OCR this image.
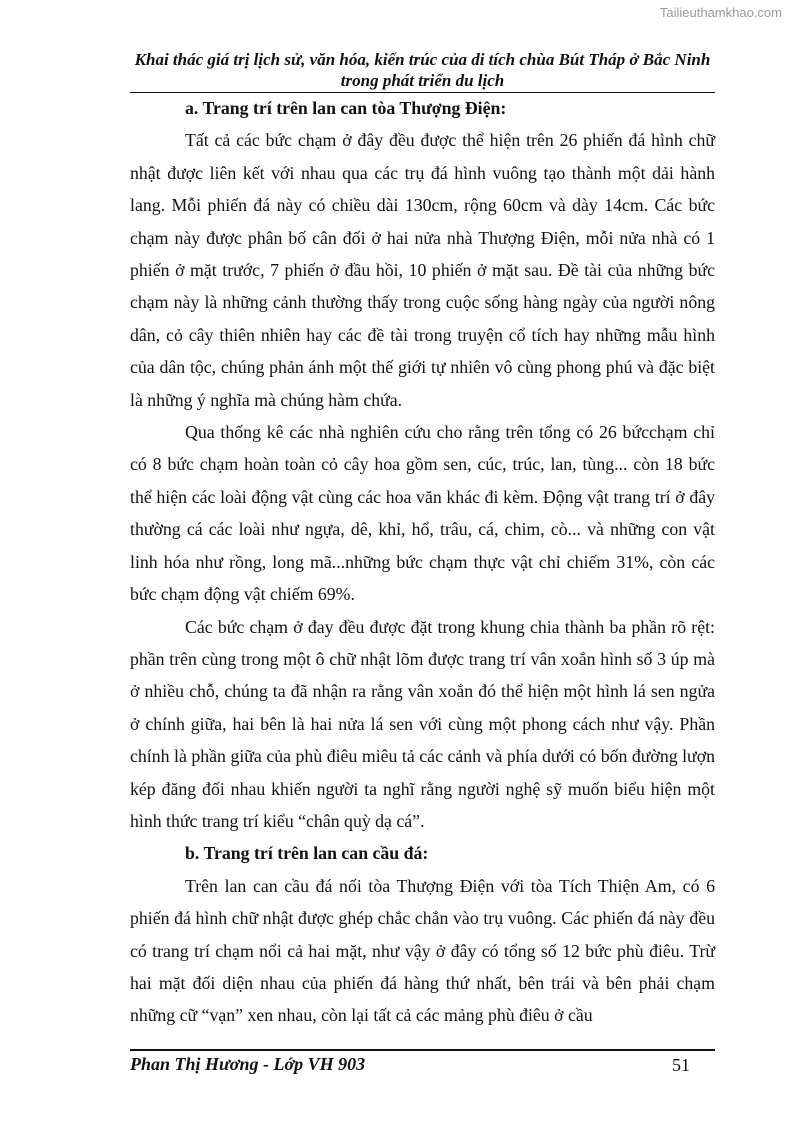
Tailieuthamkhao.com
Khai thác giá trị lịch sử, văn hóa, kiến trúc của di tích chùa Bút Tháp ở Bắc Ninh trong phát triển du lịch

a. Trang trí trên lan can tòa Thượng Điện:

Tất cả các bức chạm ở đây đều được thể hiện trên 26 phiến đá hình chữ nhật được liên kết với nhau qua các trụ đá hình vuông tạo thành một dải hành lang. Mỗi phiến đá này có chiều dài 130cm, rộng 60cm và dày 14cm. Các bức chạm này được phân bố cân đối ở hai nửa nhà Thượng Điện, mỗi nửa nhà có 1 phiến ở mặt trước, 7 phiến ở đầu hồi, 10 phiến ở mặt sau. Đề tài của những bức chạm này là những cảnh thường thấy trong cuộc sống hàng ngày của người nông dân, cỏ cây thiên nhiên hay các đề tài trong truyện cổ tích hay những mẫu hình của dân tộc, chúng phản ánh một thế giới tự nhiên vô cùng phong phú và đặc biệt là những ý nghĩa mà chúng hàm chứa.

Qua thống kê các nhà nghiên cứu cho rằng trên tổng có 26 bứcchạm chỉ có 8 bức chạm hoàn toàn cỏ cây hoa gồm sen, cúc, trúc, lan, tùng... còn 18 bức thể hiện các loài động vật cùng các hoa văn khác đi kèm. Động vật trang trí ở đây thường cá các loài như ngựa, dê, khỉ, hổ, trâu, cá, chim, cò... và những con vật linh hóa như rồng, long mã...những bức chạm thực vật chỉ chiếm 31%, còn các bức chạm động vật chiếm 69%.

Các bức chạm ở đay đều được đặt trong khung chia thành ba phần rõ rệt: phần trên cùng trong một ô chữ nhật lõm được trang trí vân xoắn hình số 3 úp mà ở nhiều chỗ, chúng ta đã nhận ra rằng vân xoắn đó thể hiện một hình lá sen ngửa ở chính giữa, hai bên là hai nửa lá sen với cùng một phong cách như vậy. Phần chính là phần giữa của phù điêu miêu tả các cảnh và phía dưới có bốn đường lượn kép đăng đối nhau khiến người ta nghĩ rằng người nghệ sỹ muốn biểu hiện một hình thức trang trí kiểu “chân quỳ dạ cá”.

b. Trang trí trên lan can cầu đá:

Trên lan can cầu đá nối tòa Thượng Điện với tòa Tích Thiện Am, có 6 phiến đá hình chữ nhật được ghép chắc chắn vào trụ vuông. Các phiến đá này đều có trang trí chạm nổi cả hai mặt, như vậy ở đây có tổng số 12 bức phù điêu. Trừ hai mặt đối diện nhau của phiến đá hàng thứ nhất, bên trái và bên phải chạm những cữ “vạn” xen nhau, còn lại tất cả các mảng phù điêu ở cầu

Phan Thị Hương - Lớp VH 903	51
